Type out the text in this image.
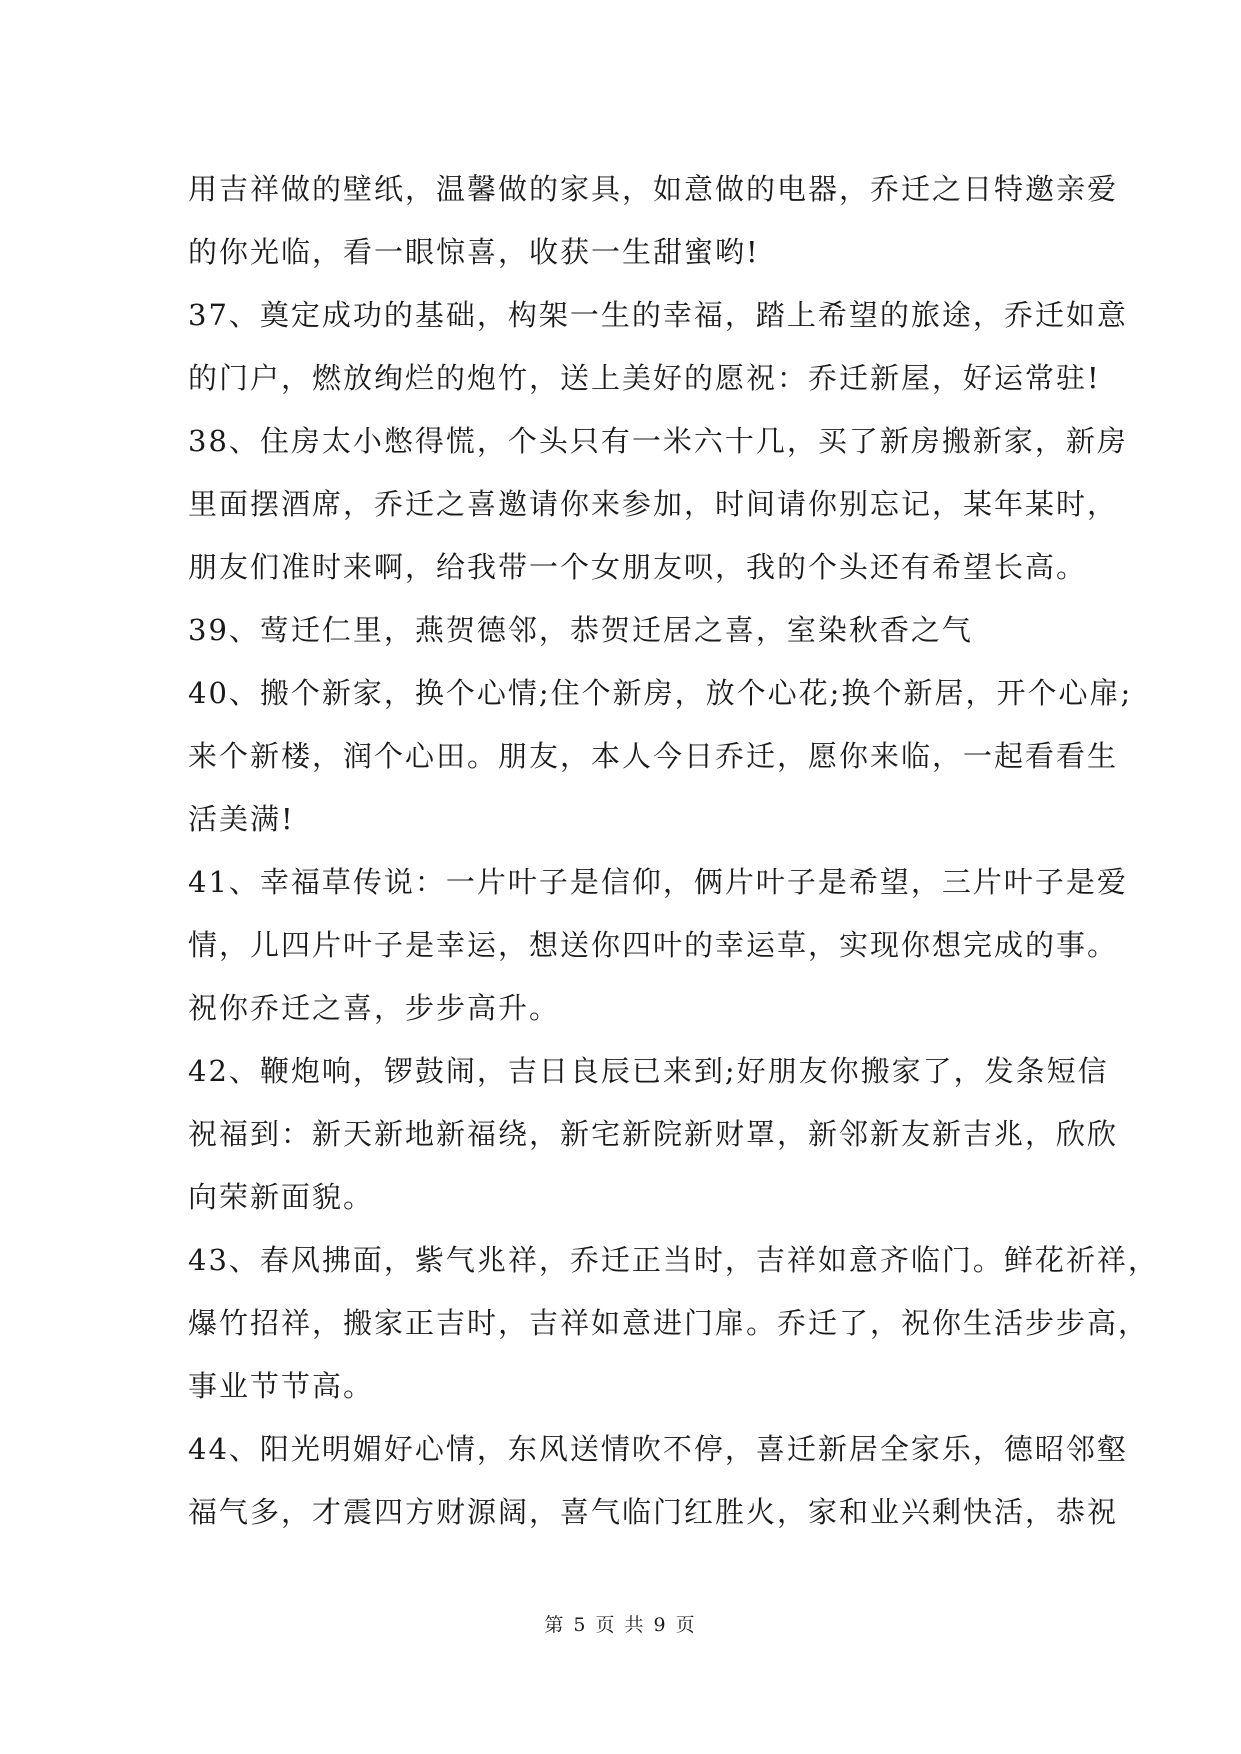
用吉祥做的壁纸，温馨做的家具，如意做的电器，乔迁之日特邀亲爱
的你光临，看一眼惊喜，收获一生甜蜜哟!
37、奠定成功的基础，构架一生的幸福，踏上希望的旅途，乔迁如意
的门户，燃放绚烂的炮竹，送上美好的愿祝：乔迁新屋，好运常驻!
38、住房太小憋得慌，个头只有一米六十几，买了新房搬新家，新房
里面摆酒席，乔迁之喜邀请你来参加，时间请你别忘记，某年某时，
朋友们准时来啊，给我带一个女朋友呗，我的个头还有希望长高。
39、莺迁仁里，燕贺德邻，恭贺迁居之喜，室染秋香之气
40、搬个新家，换个心情;住个新房，放个心花;换个新居，开个心扉;
来个新楼，润个心田。朋友，本人今日乔迁，愿你来临，一起看看生
活美满!
41、幸福草传说：一片叶子是信仰，俩片叶子是希望，三片叶子是爱
情，儿四片叶子是幸运，想送你四叶的幸运草，实现你想完成的事。
祝你乔迁之喜，步步高升。
42、鞭炮响，锣鼓闹，吉日良辰已来到;好朋友你搬家了，发条短信
祝福到：新天新地新福绕，新宅新院新财罩，新邻新友新吉兆，欣欣
向荣新面貌。
43、春风拂面，紫气兆祥，乔迁正当时，吉祥如意齐临门。鲜花祈祥，
爆竹招祥，搬家正吉时，吉祥如意进门扉。乔迁了，祝你生活步步高，
事业节节高。
44、阳光明媚好心情，东风送情吹不停，喜迁新居全家乐，德昭邻壑
福气多，才震四方财源阔，喜气临门红胜火，家和业兴剩快活，恭祝
第 5 页 共 9 页
